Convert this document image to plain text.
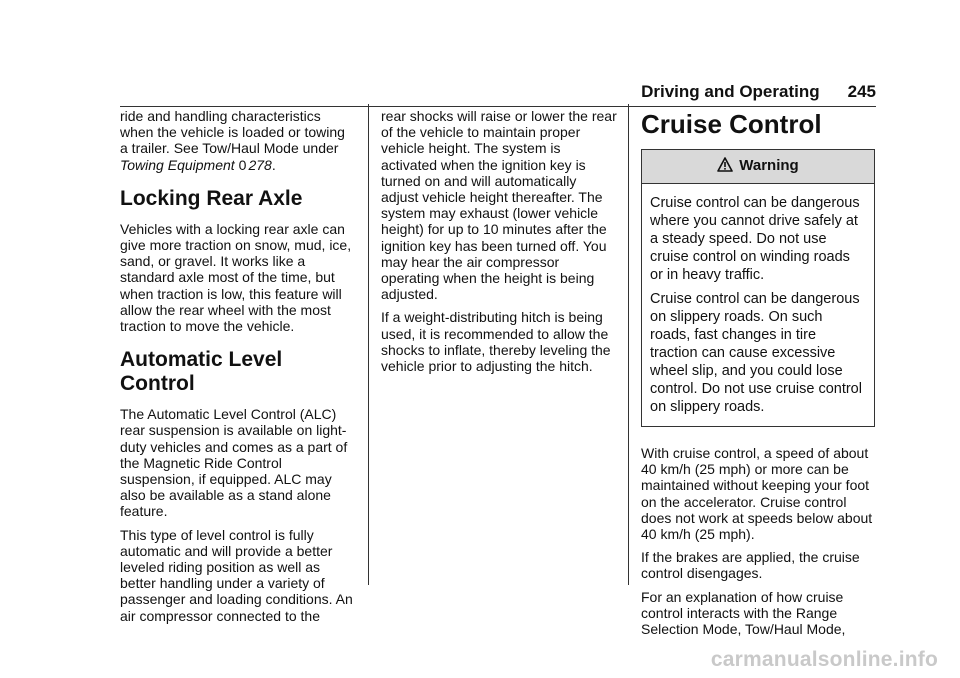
Driving and Operating 245

ride and handling characteristics when the vehicle is loaded or towing a trailer. See Tow/Haul Mode under Towing Equipment 0 278.

Locking Rear Axle

Vehicles with a locking rear axle can give more traction on snow, mud, ice, sand, or gravel. It works like a standard axle most of the time, but when traction is low, this feature will allow the rear wheel with the most traction to move the vehicle.

Automatic Level Control

The Automatic Level Control (ALC) rear suspension is available on light-duty vehicles and comes as a part of the Magnetic Ride Control suspension, if equipped. ALC may also be available as a stand alone feature.

This type of level control is fully automatic and will provide a better leveled riding position as well as better handling under a variety of passenger and loading conditions. An air compressor connected to the

rear shocks will raise or lower the rear of the vehicle to maintain proper vehicle height. The system is activated when the ignition key is turned on and will automatically adjust vehicle height thereafter. The system may exhaust (lower vehicle height) for up to 10 minutes after the ignition key has been turned off. You may hear the air compressor operating when the height is being adjusted.

If a weight-distributing hitch is being used, it is recommended to allow the shocks to inflate, thereby leveling the vehicle prior to adjusting the hitch.

Cruise Control
Warning

Cruise control can be dangerous where you cannot drive safely at a steady speed. Do not use cruise control on winding roads or in heavy traffic.

Cruise control can be dangerous on slippery roads. On such roads, fast changes in tire traction can cause excessive wheel slip, and you could lose control. Do not use cruise control on slippery roads.

With cruise control, a speed of about 40 km/h (25 mph) or more can be maintained without keeping your foot on the accelerator. Cruise control does not work at speeds below about 40 km/h (25 mph).

If the brakes are applied, the cruise control disengages.

For an explanation of how cruise control interacts with the Range Selection Mode, Tow/Haul Mode,

carmanualsonline.info
